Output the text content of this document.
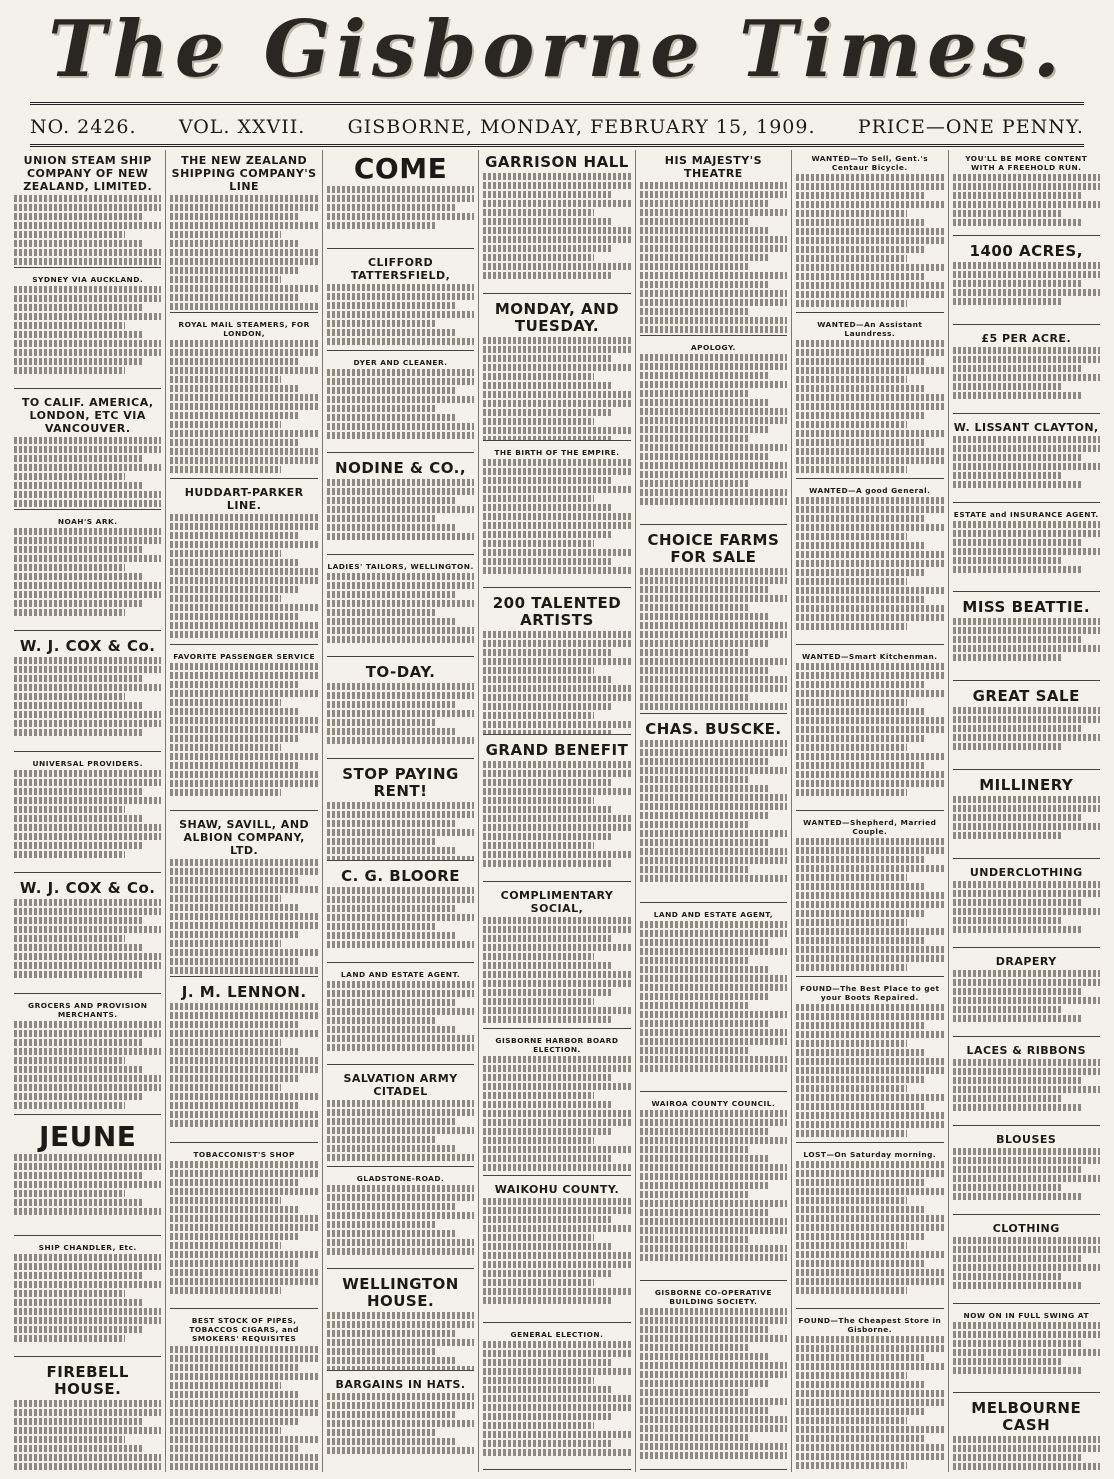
The Gisborne Times.
NO. 2426. VOL. XXVII. GISBORNE, MONDAY, FEBRUARY 15, 1909. PRICE—ONE PENNY.
UNION STEAM SHIP COMPANY OF NEW ZEALAND, LIMITED.
SYDNEY VIA AUCKLAND.
TO CALIF. AMERICA, LONDON, ETC VIA VANCOUVER.
NOAH'S ARK.
W. J. COX & Co.
UNIVERSAL PROVIDERS.
W. J. COX & Co.
GROCERS AND PROVISION MERCHANTS.
JEUNE
SHIP CHANDLER, Etc.
FIREBELL HOUSE.
THE NEW ZEALAND SHIPPING COMPANY'S LINE
ROYAL MAIL STEAMERS, FOR LONDON,
HUDDART-PARKER LINE.
FAVORITE PASSENGER SERVICE
SHAW, SAVILL, AND ALBION COMPANY, LTD.
J. M. LENNON.
TOBACCONIST'S SHOP
BEST STOCK OF PIPES, TOBACCOS CIGARS, and SMOKERS' REQUISITES
COME
CLIFFORD TATTERSFIELD,
DYER AND CLEANER.
NODINE & CO.,
LADIES' TAILORS, WELLINGTON.
TO-DAY.
STOP PAYING RENT!
C. G. BLOORE
LAND AND ESTATE AGENT.
SALVATION ARMY CITADEL
GLADSTONE-ROAD.
WELLINGTON HOUSE.
BARGAINS IN HATS.
GARRISON HALL
MONDAY, AND TUESDAY.
THE BIRTH OF THE EMPIRE.
200 TALENTED ARTISTS
GRAND BENEFIT
COMPLIMENTARY SOCIAL,
GISBORNE HARBOR BOARD ELECTION.
WAIKOHU COUNTY.
GENERAL ELECTION.
HIS MAJESTY'S THEATRE
APOLOGY.
CHOICE FARMS FOR SALE
CHAS. BUSCKE.
LAND AND ESTATE AGENT,
WAIROA COUNTY COUNCIL.
GISBORNE CO-OPERATIVE BUILDING SOCIETY.
WANTED—To Sell, Gent.'s Centaur Bicycle.
WANTED—An Assistant Laundress.
WANTED—A good General.
WANTED—Smart Kitchenman.
WANTED—Shepherd, Married Couple.
FOUND—The Best Place to get your Boots Repaired.
LOST—On Saturday morning.
FOUND—The Cheapest Store in Gisborne.
YOU'LL BE MORE CONTENT WITH A FREEHOLD RUN.
1400 ACRES,
£5 PER ACRE.
W. LISSANT CLAYTON,
ESTATE and INSURANCE AGENT.
MISS BEATTIE.
GREAT SALE
MILLINERY
UNDERCLOTHING
DRAPERY
LACES & RIBBONS
BLOUSES
CLOTHING
NOW ON IN FULL SWING AT
MELBOURNE CASH
